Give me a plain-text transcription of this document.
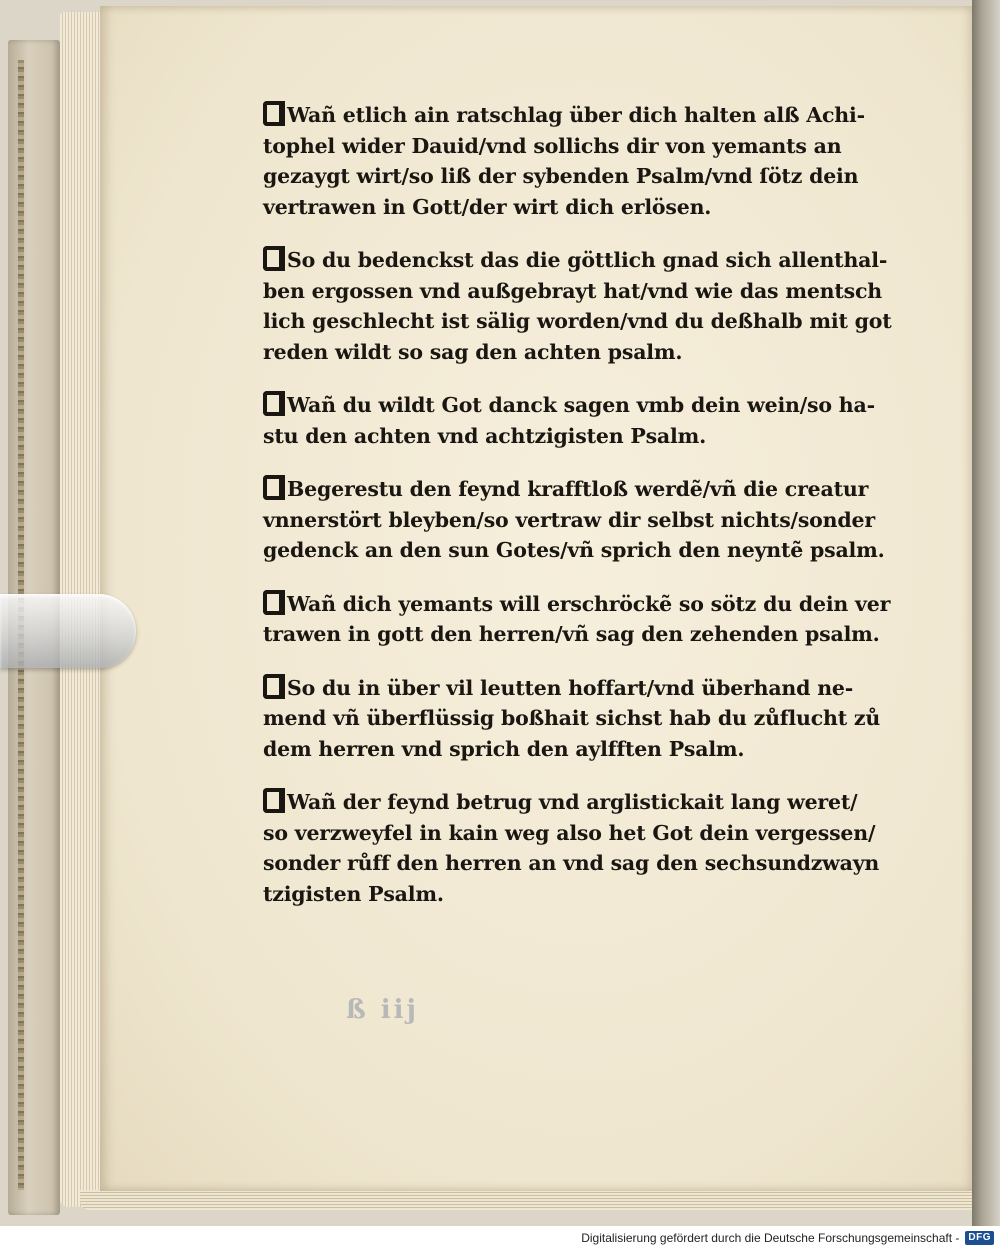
Wañ etlich ain ratschlag über dich halten alß Achi-
tophel wider Dauid/vnd sollichs dir von yemants an
gezaygt wirt/so liß der sybenden Psalm/vnd ſötz dein
vertrawen in Gott/der wirt dich erlösen.
So du bedenckst das die göttlich gnad sich allenthal-
ben ergossen vnd außgebrayt hat/vnd wie das mentsch
lich geschlecht ist sälig worden/vnd du deßhalb mit got
reden wildt so sag den achten psalm.
Wañ du wildt Got danck sagen vmb dein wein/so ha-
stu den achten vnd achtzigisten Psalm.
Begerestu den feynd krafftloß werdẽ/vñ die creatur
vnnerstört bleyben/so vertraw dir selbst nichts/sonder
gedenck an den sun Gotes/vñ sprich den neyntẽ psalm.
Wañ dich yemants will erschröckẽ so sötz du dein ver
trawen in gott den herren/vñ sag den zehenden psalm.
So du in über vil leutten hoffart/vnd überhand ne-
mend vñ überflüssig boßhait sichst hab du zůflucht zů
dem herren vnd sprich den aylfften Psalm.
Wañ der feynd betrug vnd arglistickait lang weret/
so verzweyfel in kain weg also het Got dein vergessen/
sonder růff den herren an vnd sag den sechsundzwayn
tzigisten Psalm.
ß iij
Digitalisierung gefördert durch die Deutsche Forschungsgemeinschaft - DFG
